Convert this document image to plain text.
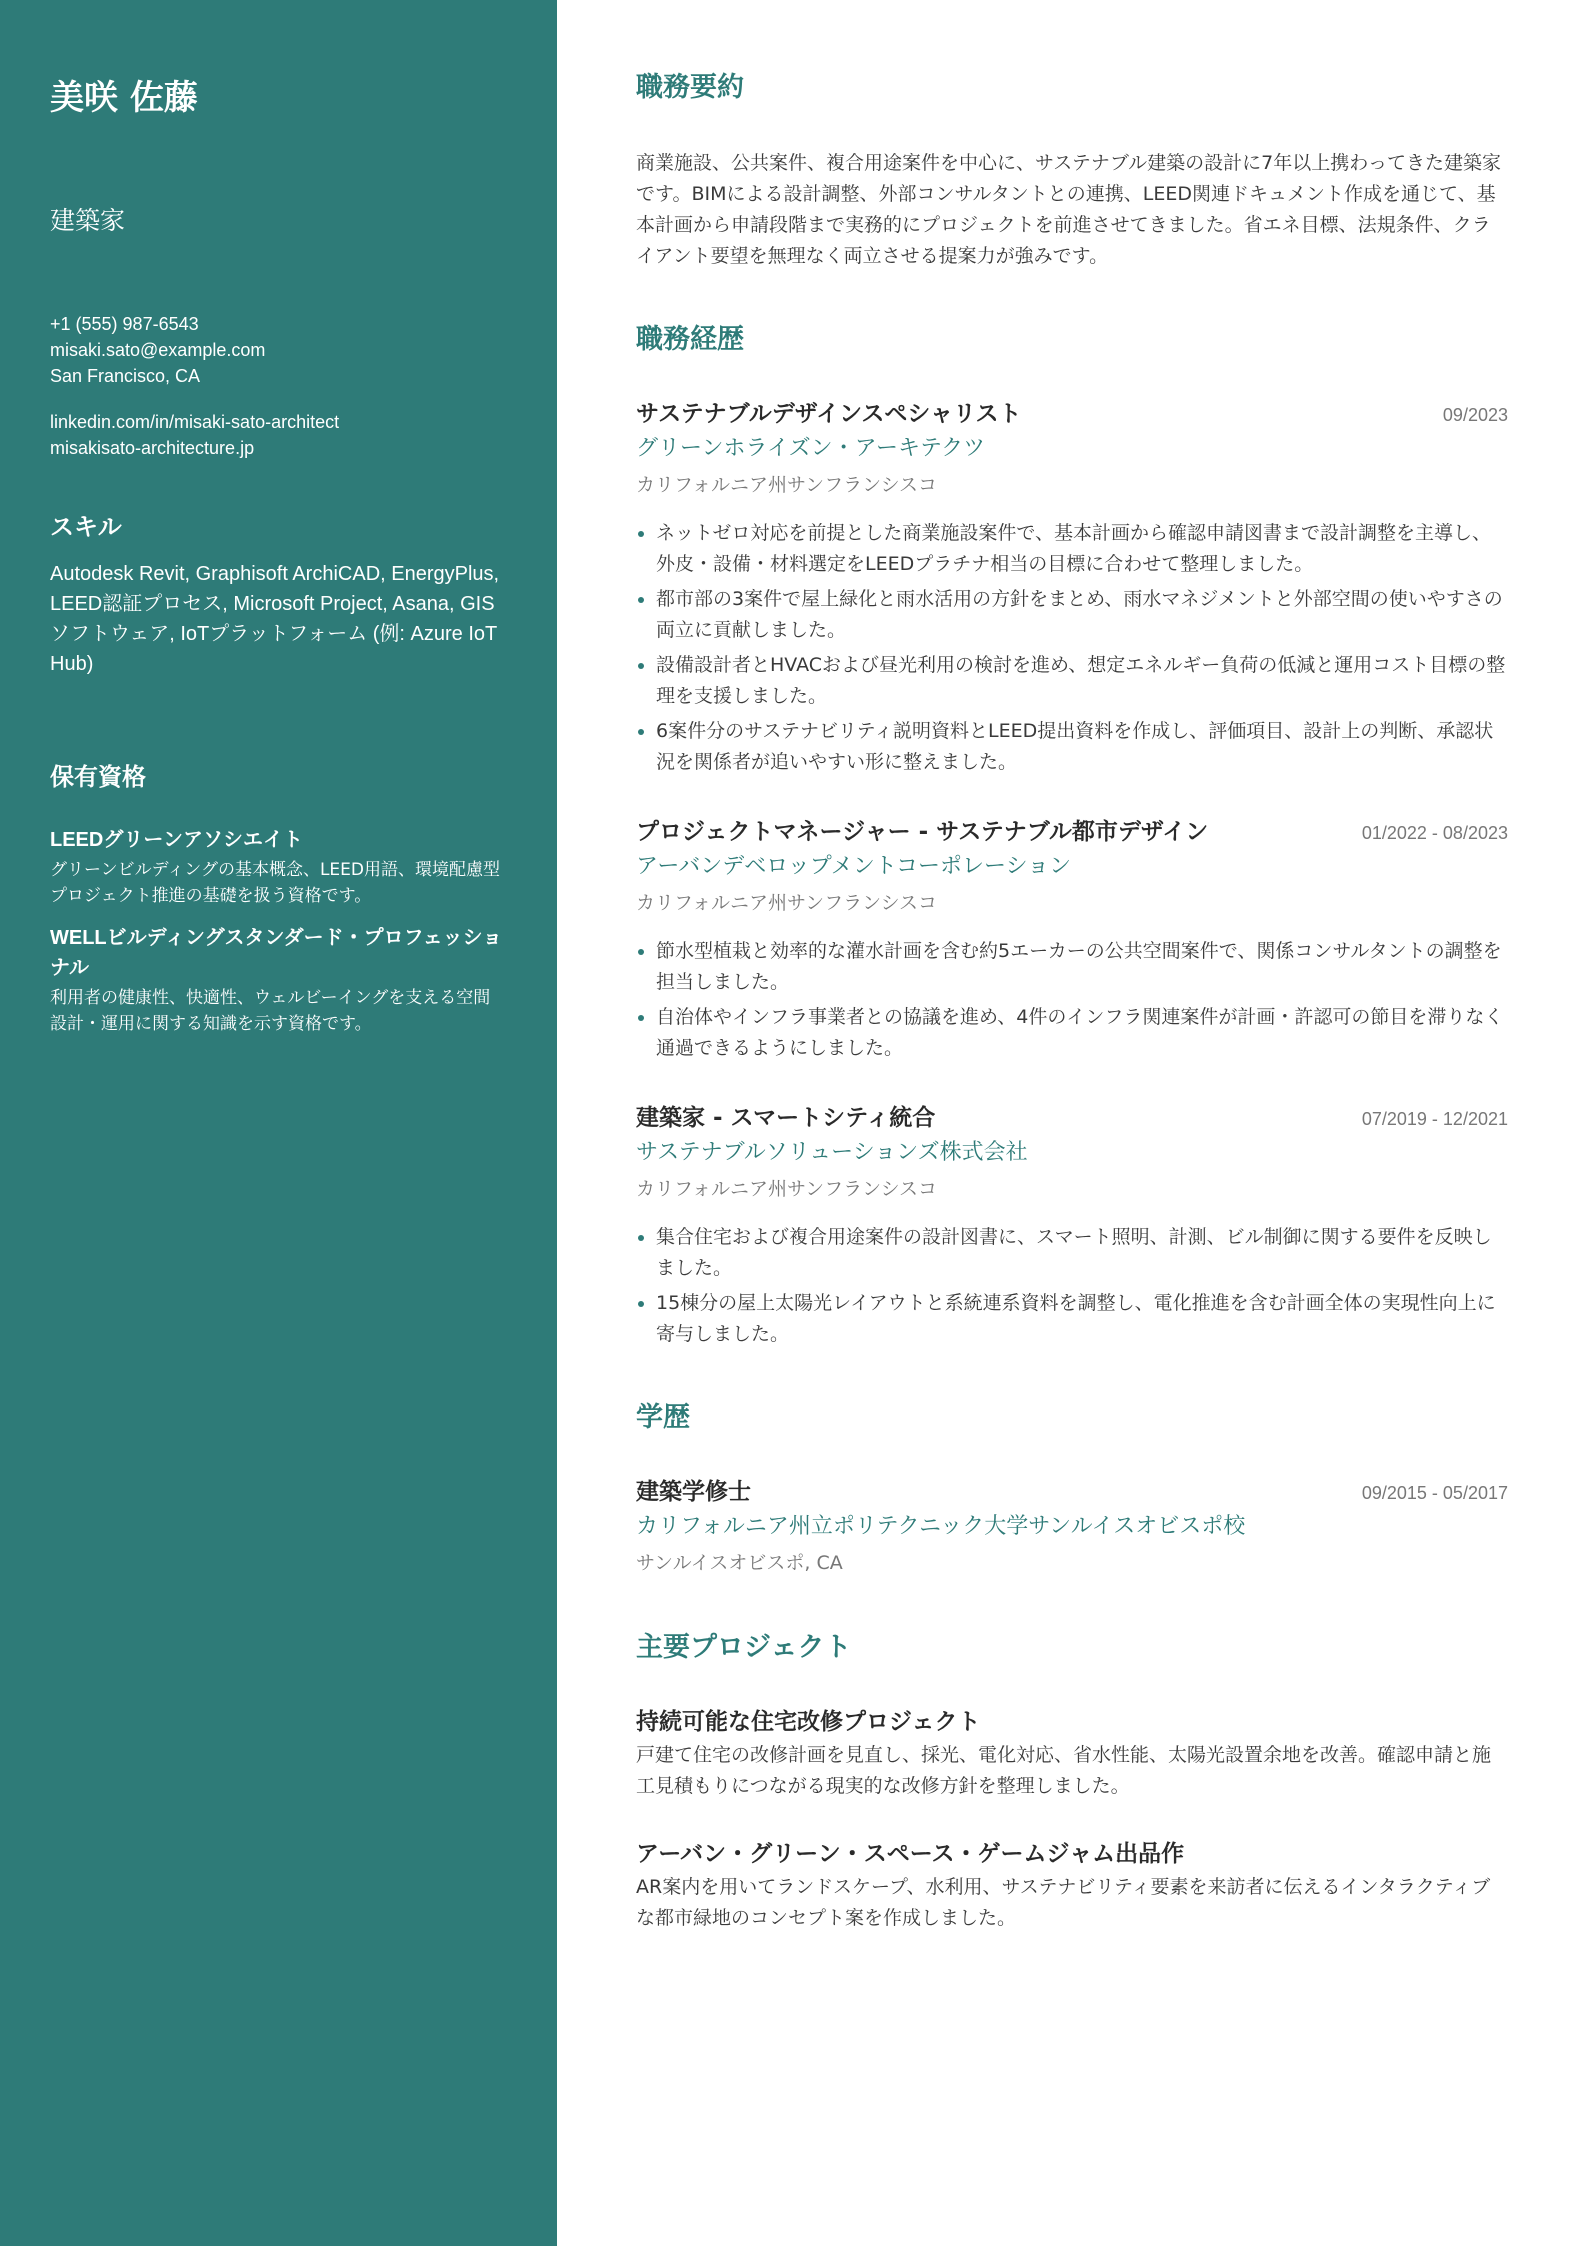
美咲 佐藤
建築家
+1 (555) 987-6543
misaki.sato@example.com
San Francisco, CA
linkedin.com/in/misaki-sato-architect
misakisato-architecture.jp
スキル
Autodesk Revit, Graphisoft ArchiCAD, EnergyPlus, LEED認証プロセス, Microsoft Project, Asana, GISソフトウェア, IoTプラットフォーム (例: Azure IoT Hub)
保有資格
LEEDグリーンアソシエイト
グリーンビルディングの基本概念、LEED用語、環境配慮型プロジェクト推進の基礎を扱う資格です。
WELLビルディングスタンダード・プロフェッショナル
利用者の健康性、快適性、ウェルビーイングを支える空間設計・運用に関する知識を示す資格です。
職務要約
商業施設、公共案件、複合用途案件を中心に、サステナブル建築の設計に7年以上携わってきた建築家です。BIMによる設計調整、外部コンサルタントとの連携、LEED関連ドキュメント作成を通じて、基本計画から申請段階まで実務的にプロジェクトを前進させてきました。省エネ目標、法規条件、クライアント要望を無理なく両立させる提案力が強みです。
職務経歴
サステナブルデザインスペシャリスト	09/2023
グリーンホライズン・アーキテクツ
カリフォルニア州サンフランシスコ
• ネットゼロ対応を前提とした商業施設案件で、基本計画から確認申請図書まで設計調整を主導し、外皮・設備・材料選定をLEEDプラチナ相当の目標に合わせて整理しました。
• 都市部の3案件で屋上緑化と雨水活用の方針をまとめ、雨水マネジメントと外部空間の使いやすさの両立に貢献しました。
• 設備設計者とHVACおよび昼光利用の検討を進め、想定エネルギー負荷の低減と運用コスト目標の整理を支援しました。
• 6案件分のサステナビリティ説明資料とLEED提出資料を作成し、評価項目、設計上の判断、承認状況を関係者が追いやすい形に整えました。
プロジェクトマネージャー - サステナブル都市デザイン	01/2022 - 08/2023
アーバンデベロップメントコーポレーション
カリフォルニア州サンフランシスコ
• 節水型植栽と効率的な灌水計画を含む約5エーカーの公共空間案件で、関係コンサルタントの調整を担当しました。
• 自治体やインフラ事業者との協議を進め、4件のインフラ関連案件が計画・許認可の節目を滞りなく通過できるようにしました。
建築家 - スマートシティ統合	07/2019 - 12/2021
サステナブルソリューションズ株式会社
カリフォルニア州サンフランシスコ
• 集合住宅および複合用途案件の設計図書に、スマート照明、計測、ビル制御に関する要件を反映しました。
• 15棟分の屋上太陽光レイアウトと系統連系資料を調整し、電化推進を含む計画全体の実現性向上に寄与しました。
学歴
建築学修士	09/2015 - 05/2017
カリフォルニア州立ポリテクニック大学サンルイスオビスポ校
サンルイスオビスポ, CA
主要プロジェクト
持続可能な住宅改修プロジェクト
戸建て住宅の改修計画を見直し、採光、電化対応、省水性能、太陽光設置余地を改善。確認申請と施工見積もりにつながる現実的な改修方針を整理しました。
アーバン・グリーン・スペース・ゲームジャム出品作
AR案内を用いてランドスケープ、水利用、サステナビリティ要素を来訪者に伝えるインタラクティブな都市緑地のコンセプト案を作成しました。
